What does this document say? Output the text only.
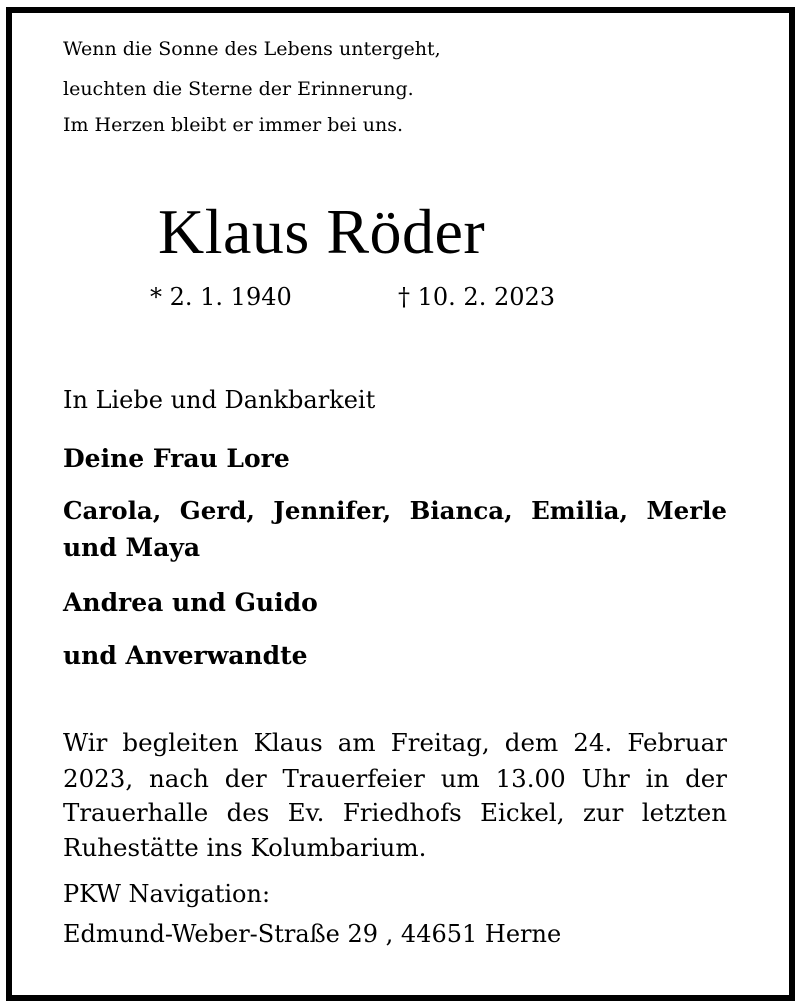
Wenn die Sonne des Lebens untergeht,
leuchten die Sterne der Erinnerung.
Im Herzen bleibt er immer bei uns.
Klaus Röder
* 2. 1. 1940	† 10. 2. 2023
In Liebe und Dankbarkeit
Deine Frau Lore
Carola, Gerd, Jennifer, Bianca, Emilia, Merle
und Maya
Andrea und Guido
und Anverwandte
Wir begleiten Klaus am Freitag, dem 24. Februar
2023, nach der Trauerfeier um 13.00 Uhr in der
Trauerhalle des Ev. Friedhofs Eickel, zur letzten
Ruhestätte ins Kolumbarium.
PKW Navigation:
Edmund-Weber-Straße 29 , 44651 Herne
